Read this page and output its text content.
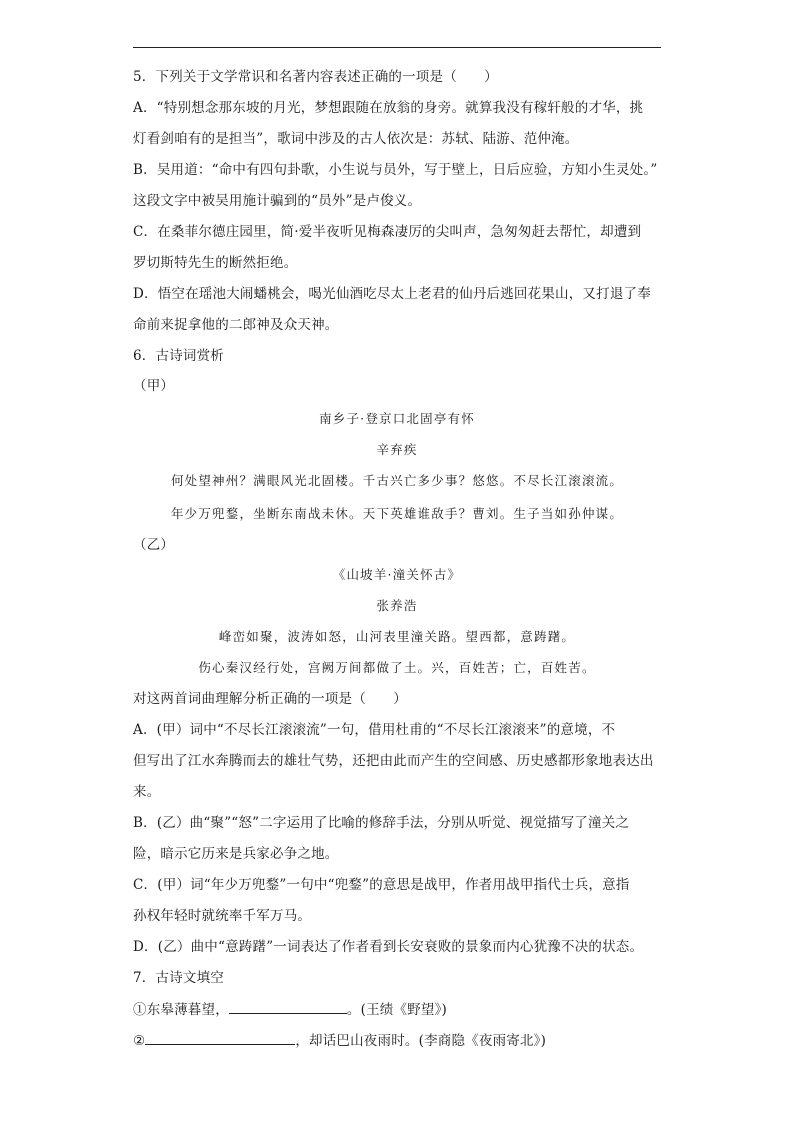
5．下列关于文学常识和名著内容表述正确的一项是（　　）
A．“特别想念那东坡的月光，梦想跟随在放翁的身旁。就算我没有稼轩般的才华，挑
灯看剑咱有的是担当”，歌词中涉及的古人依次是：苏轼、陆游、范仲淹。
B．吴用道：“命中有四句卦歌，小生说与员外，写于壁上，日后应验，方知小生灵处。”
这段文字中被吴用施计骗到的“员外”是卢俊义。
C．在桑菲尔德庄园里，简·爱半夜听见梅森凄厉的尖叫声，急匆匆赶去帮忙，却遭到
罗切斯特先生的断然拒绝。
D．悟空在瑶池大闹蟠桃会，喝光仙酒吃尽太上老君的仙丹后逃回花果山，又打退了奉
命前来捉拿他的二郎神及众天神。
6．古诗词赏析
（甲）
南乡子·登京口北固亭有怀
辛弃疾
何处望神州？满眼风光北固楼。千古兴亡多少事？悠悠。不尽长江滚滚流。
年少万兜鍪，坐断东南战未休。天下英雄谁敌手？曹刘。生子当如孙仲谋。
（乙）
《山坡羊·潼关怀古》
张养浩
峰峦如聚，波涛如怒，山河表里潼关路。望西都，意踌躇。
伤心秦汉经行处，宫阙万间都做了土。兴，百姓苦；亡，百姓苦。
对这两首词曲理解分析正确的一项是（　　）
A．(甲）词中“不尽长江滚滚流”一句，借用杜甫的“不尽长江滚滚来”的意境，不
但写出了江水奔腾而去的雄壮气势，还把由此而产生的空间感、历史感都形象地表达出
来。
B．(乙）曲“聚”“怒”二字运用了比喻的修辞手法，分别从听觉、视觉描写了潼关之
险，暗示它历来是兵家必争之地。
C．(甲）词“年少万兜鍪”一句中“兜鍪”的意思是战甲，作者用战甲指代士兵，意指
孙权年轻时就统率千军万马。
D．(乙）曲中“意踌躇”一词表达了作者看到长安衰败的景象而内心犹豫不决的状态。
7．古诗文填空
①东皋薄暮望，	。(王绩《野望》)
②	，却话巴山夜雨时。(李商隐《夜雨寄北》)
